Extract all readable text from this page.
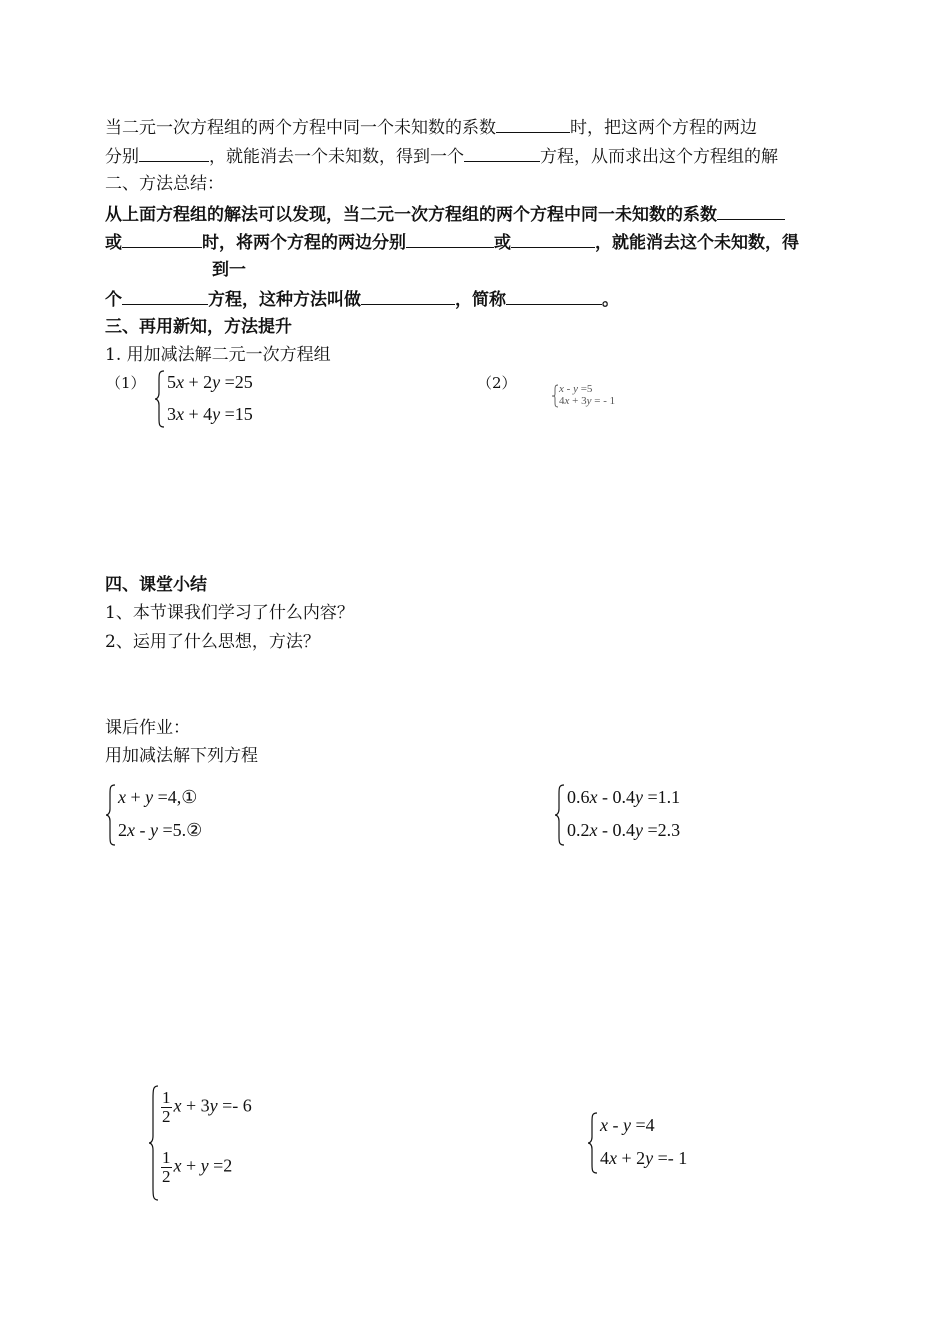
当二元一次方程组的两个方程中同一个未知数的系数	时，把这两个方程的两边
分别	，就能消去一个未知数，得到一个	方程，从而求出这个方程组的解
二、方法总结：
从上面方程组的解法可以发现，当二元一次方程组的两个方程中同一未知数的系数
或	时，将两个方程的两边分别	或	，就能消去这个未知数，得
到一
个	方程，这种方法叫做	，简称	。
三、再用新知，方法提升
1. 用加减法解二元一次方程组
（1）	（2）
5x + 2y =25
3x + 4y =15
x - y =5
4x + 3y = - 1
四、课堂小结
1、本节课我们学习了什么内容？
2、运用了什么思想，方法？
课后作业：
用加减法解下列方程
x + y =4,①
2x - y =5.②
0.6x - 0.4y =1.1
0.2x - 0.4y =2.3
$\frac{1}{2}$ x + 3y =- 6
$\frac{1}{2}$ x + y =2
x - y =4
4x + 2y =- 1
